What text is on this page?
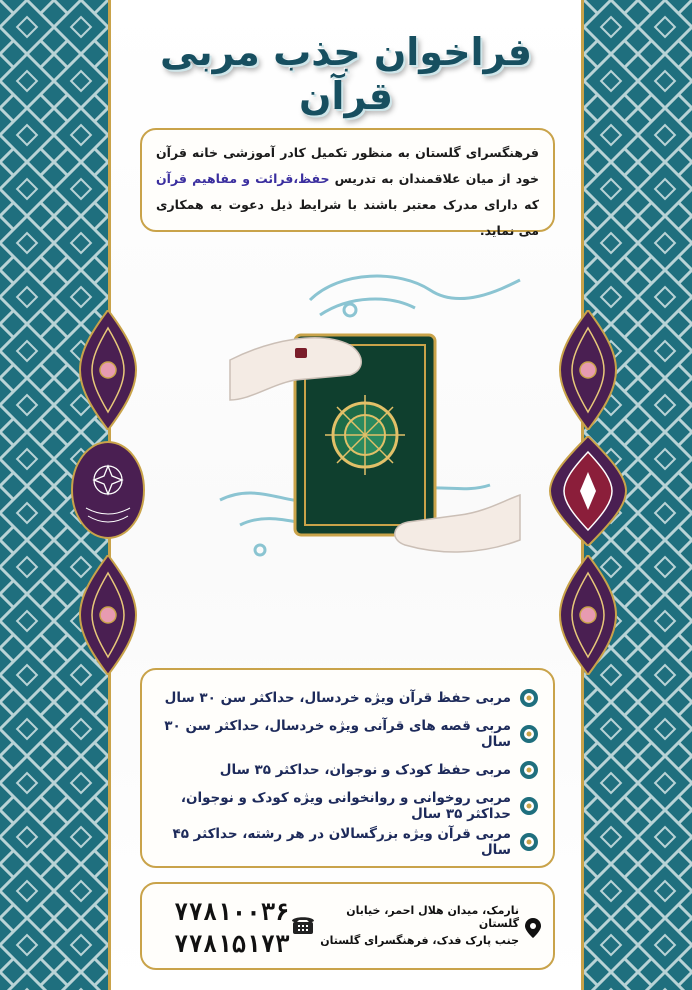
فراخوان جذب مربی قرآن
فرهنگسرای گلستان به منظور تکمیل کادر آموزشی خانه قرآن خود از میان علاقمندان به تدریس حفظ،قرائت و مفاهیم قرآن که دارای مدرک معتبر باشند با شرایط ذیل دعوت به همکاری می نماید.
مربی حفظ قرآن ویژه خردسال، حداکثر سن ۳۰ سال
مربی قصه های قرآنی ویژه خردسال، حداکثر سن ۳۰ سال
مربی حفظ کودک و نوجوان، حداکثر ۳۵ سال
مربی روخوانی و روانخوانی ویژه کودک و نوجوان، حداکثر ۳۵ سال
مربی قرآن ویژه بزرگسالان در هر رشته، حداکثر ۴۵ سال
۷۷۸۱۰۰۳۶
۷۷۸۱۵۱۷۳
نارمک، میدان هلال احمر، خیابان گلستان
جنب پارک فدک، فرهنگسرای گلستان
